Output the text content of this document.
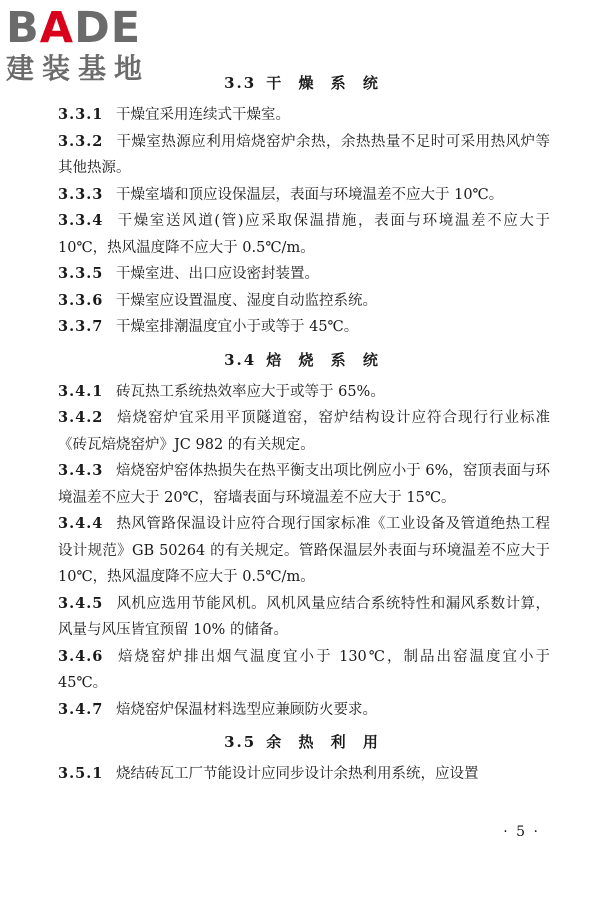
BADE
建装基地	3.3 干 燥 系 统

3.3.1 干燥宜采用连续式干燥室。

3.3.2 干燥室热源应利用焙烧窑炉余热，余热热量不足时可采用热风炉等其他热源。

3.3.3 干燥室墙和顶应设保温层，表面与环境温差不应大于 10℃。

3.3.4 干燥室送风道(管)应采取保温措施，表面与环境温差不应大于 10℃，热风温度降不应大于 0.5℃/m。

3.3.5 干燥室进、出口应设密封装置。

3.3.6 干燥室应设置温度、湿度自动监控系统。

3.3.7 干燥室排潮温度宜小于或等于 45℃。

3.4 焙 烧 系 统

3.4.1 砖瓦热工系统热效率应大于或等于 65%。

3.4.2 焙烧窑炉宜采用平顶隧道窑，窑炉结构设计应符合现行行业标准《砖瓦焙烧窑炉》JC 982 的有关规定。

3.4.3 焙烧窑炉窑体热损失在热平衡支出项比例应小于 6%，窑顶表面与环境温差不应大于 20℃，窑墙表面与环境温差不应大于 15℃。

3.4.4 热风管路保温设计应符合现行国家标准《工业设备及管道绝热工程设计规范》GB 50264 的有关规定。管路保温层外表面与环境温差不应大于 10℃，热风温度降不应大于 0.5℃/m。

3.4.5 风机应选用节能风机。风机风量应结合系统特性和漏风系数计算，风量与风压皆宜预留 10% 的储备。

3.4.6 焙烧窑炉排出烟气温度宜小于 130℃，制品出窑温度宜小于 45℃。

3.4.7 焙烧窑炉保温材料选型应兼顾防火要求。

3.5 余 热 利 用

3.5.1 烧结砖瓦工厂节能设计应同步设计余热利用系统，应设置

· 5 ·
